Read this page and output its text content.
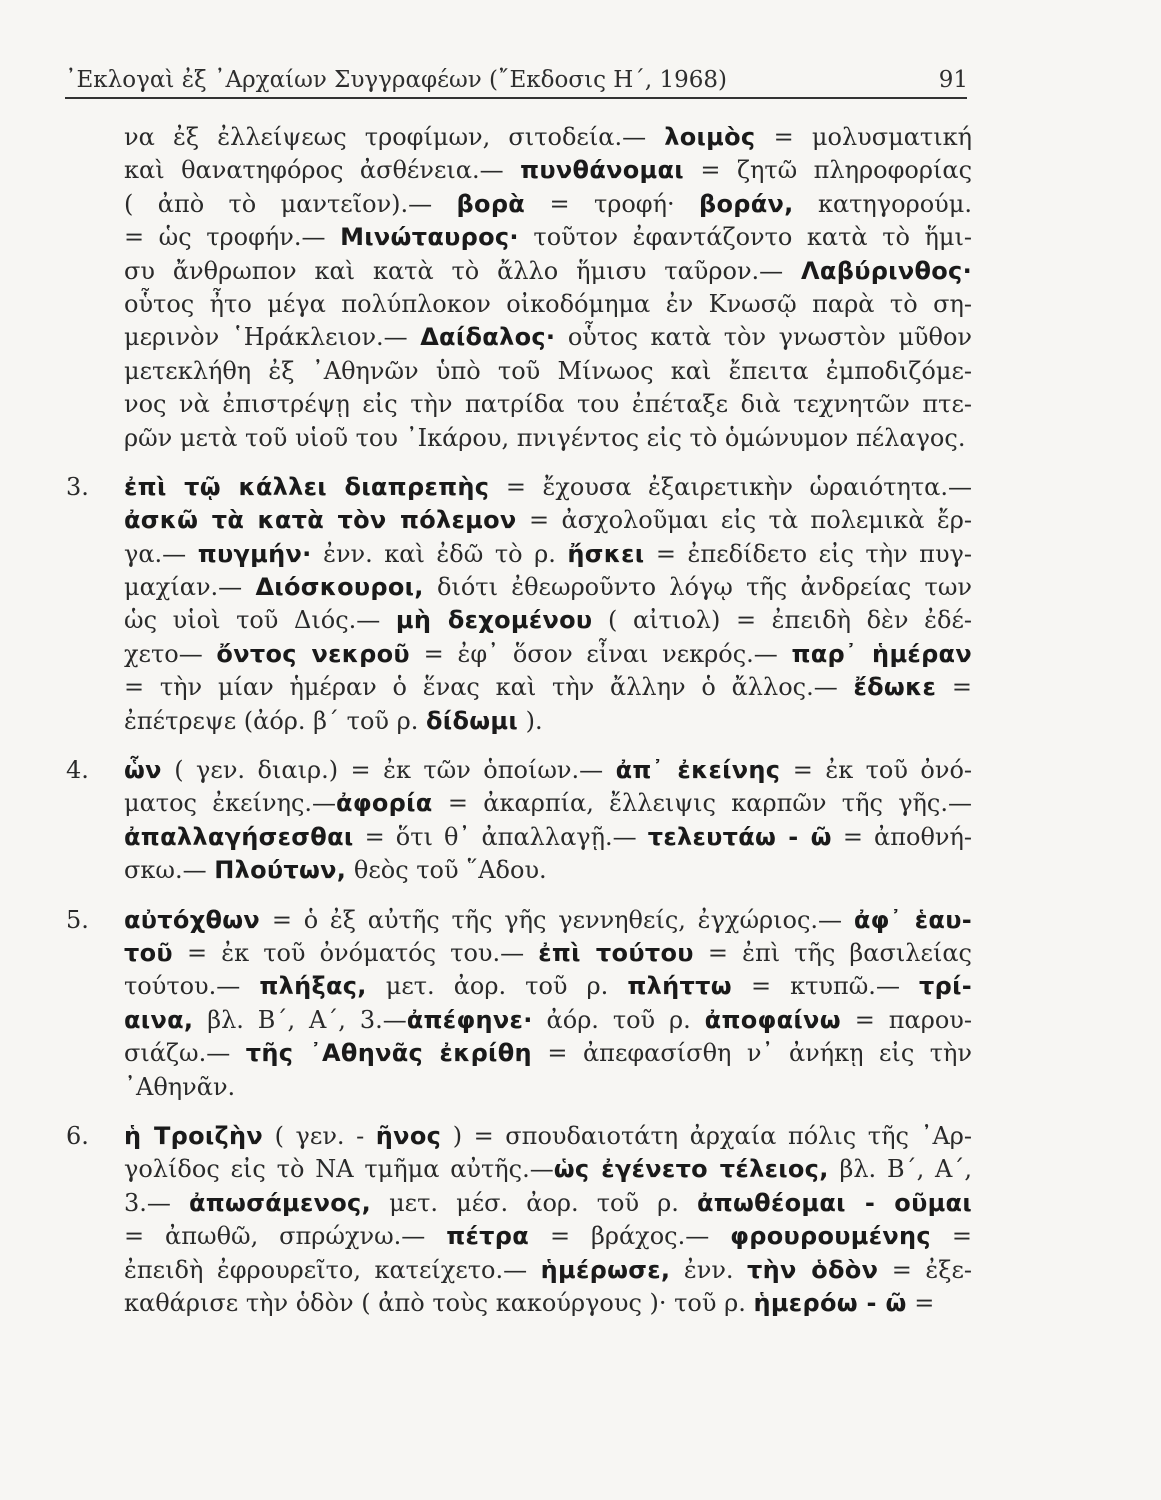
᾿Εκλογαὶ ἐξ ᾿Αρχαίων Συγγραφέων (῎Εκδοσις Η΄, 1968)	91
να ἐξ ἐλλείψεως τροφίμων, σιτοδεία.— λοιμὸς = μολυσματική
καὶ θανατηφόρος ἀσθένεια.— πυνθάνομαι = ζητῶ πληροφορίας
( ἀπὸ τὸ μαντεῖον).— βορὰ = τροφή· βοράν, κατηγορούμ.
= ὡς τροφήν.— Μινώταυρος· τοῦτον ἐφαντάζοντο κατὰ τὸ ἥμι-
συ ἄνθρωπον καὶ κατὰ τὸ ἄλλο ἥμισυ ταῦρον.— Λαβύρινθος·
οὗτος ἦτο μέγα πολύπλοκον οἰκοδόμημα ἐν Κνωσῷ παρὰ τὸ ση-
μερινὸν ῾Ηράκλειον.— Δαίδαλος· οὗτος κατὰ τὸν γνωστὸν μῦθον
μετεκλήθη ἐξ ᾿Αθηνῶν ὑπὸ τοῦ Μίνωος καὶ ἔπειτα ἐμποδιζόμε-
νος νὰ ἐπιστρέψῃ εἰς τὴν πατρίδα του ἐπέταξε διὰ τεχνητῶν πτε-
ρῶν μετὰ τοῦ υἱοῦ του ᾿Ικάρου, πνιγέντος εἰς τὸ ὁμώνυμον πέλαγος.
3.	ἐπὶ τῷ κάλλει διαπρεπὴς = ἔχουσα ἐξαιρετικὴν ὡραιότητα.—
ἀσκῶ τὰ κατὰ τὸν πόλεμον = ἀσχολοῦμαι εἰς τὰ πολεμικὰ ἔρ-
γα.— πυγμήν· ἐνν. καὶ ἐδῶ τὸ ρ. ἤσκει = ἐπεδίδετο εἰς τὴν πυγ-
μαχίαν.— Διόσκουροι, διότι ἐθεωροῦντο λόγῳ τῆς ἀνδρείας των
ὡς υἱοὶ τοῦ Διός.— μὴ δεχομένου ( αἰτιολ) = ἐπειδὴ δὲν ἐδέ-
χετο— ὄντος νεκροῦ = ἐφ᾿ ὅσον εἶναι νεκρός.— παρ᾿ ἡμέραν
= τὴν μίαν ἡμέραν ὁ ἕνας καὶ τὴν ἄλλην ὁ ἄλλος.— ἔδωκε =
ἐπέτρεψε (ἀόρ. β΄ τοῦ ρ. δίδωμι ).
4.	ὧν ( γεν. διαιρ.) = ἐκ τῶν ὁποίων.— ἀπ᾿ ἐκείνης = ἐκ τοῦ ὀνό-
ματος ἐκείνης.—ἀφορία = ἀκαρπία, ἔλλειψις καρπῶν τῆς γῆς.—
ἀπαλλαγήσεσθαι = ὅτι θ᾿ ἀπαλλαγῇ.— τελευτάω - ῶ = ἀποθνή-
σκω.— Πλούτων, θεὸς τοῦ ῞Αδου.
5.	αὐτόχθων = ὁ ἐξ αὐτῆς τῆς γῆς γεννηθείς, ἐγχώριος.— ἀφ᾿ ἑαυ-
τοῦ = ἐκ τοῦ ὀνόματός του.— ἐπὶ τούτου = ἐπὶ τῆς βασιλείας
τούτου.— πλήξας, μετ. ἀορ. τοῦ ρ. πλήττω = κτυπῶ.— τρί-
αινα, βλ. Β΄, Α΄, 3.—ἀπέφηνε· ἀόρ. τοῦ ρ. ἀποφαίνω = παρου-
σιάζω.— τῆς ᾿Αθηνᾶς ἐκρίθη = ἀπεφασίσθη ν᾿ ἀνήκῃ εἰς τὴν
᾿Αθηνᾶν.
6.	ἡ Τροιζὴν ( γεν. - ῆνος ) = σπουδαιοτάτη ἀρχαία πόλις τῆς ᾿Αρ-
γολίδος εἰς τὸ ΝΑ τμῆμα αὐτῆς.—ὡς ἐγένετο τέλειος, βλ. Β΄, Α΄,
3.— ἀπωσάμενος, μετ. μέσ. ἀορ. τοῦ ρ. ἀπωθέομαι - οῦμαι
= ἀπωθῶ, σπρώχνω.— πέτρα = βράχος.— φρουρουμένης =
ἐπειδὴ ἐφρουρεῖτο, κατείχετο.— ἡμέρωσε, ἐνν. τὴν ὁδὸν = ἐξε-
καθάρισε τὴν ὁδὸν ( ἀπὸ τοὺς κακούργους )· τοῦ ρ. ἡμερόω - ῶ =
